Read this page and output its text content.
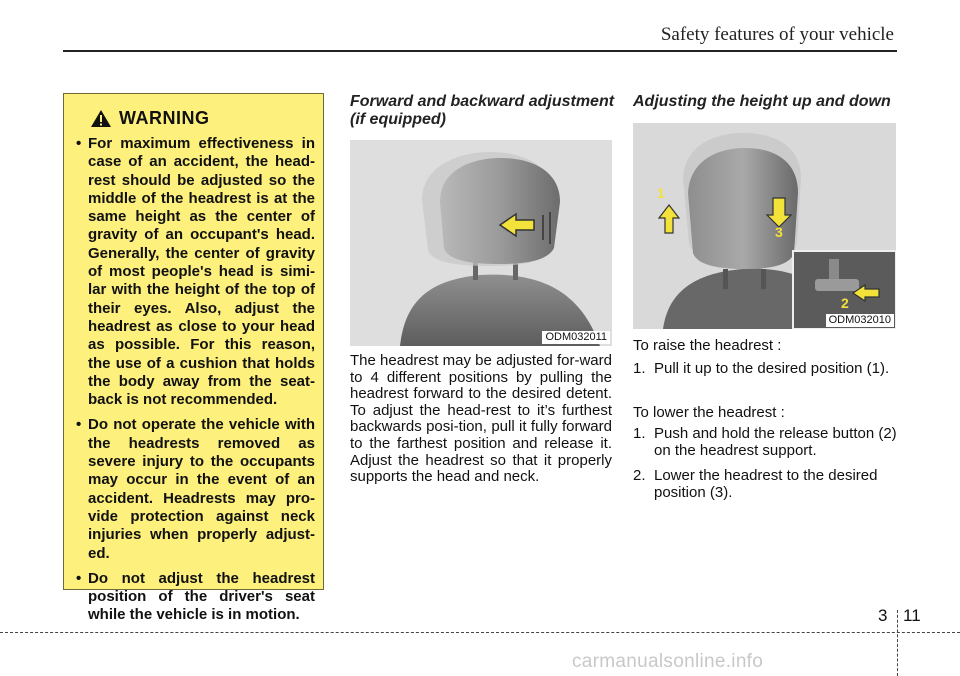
Safety features of your vehicle
WARNING
• For maximum effectiveness in case of an accident, the head-rest should be adjusted so the middle of the headrest is at the same height as the center of gravity of an occupant's head. Generally, the center of gravity of most people's head is simi-lar with the height of the top of their eyes. Also, adjust the headrest as close to your head as possible. For this reason, the use of a cushion that holds the body away from the seat-back is not recommended.
• Do not operate the vehicle with the headrests removed as severe injury to the occupants may occur in the event of an accident. Headrests may pro-vide protection against neck injuries when properly adjust-ed.
• Do not adjust the headrest position of the driver's seat while the vehicle is in motion.
Forward and backward adjustment (if equipped)
ODM032011

The headrest may be adjusted for-ward to 4 different positions by pulling the headrest forward to the desired detent. To adjust the head-rest to it’s furthest backwards posi-tion, pull it fully forward to the farthest position and release it. Adjust the headrest so that it properly supports the head and neck.

Adjusting the height up and down
1
2
3
ODM032010
To raise the headrest :
1. Pull it up to the desired position (1).
To lower the headrest :
1. Push and hold the release button (2) on the headrest support.
2. Lower the headrest to the desired position (3).
3 11
carmanualsonline.info
